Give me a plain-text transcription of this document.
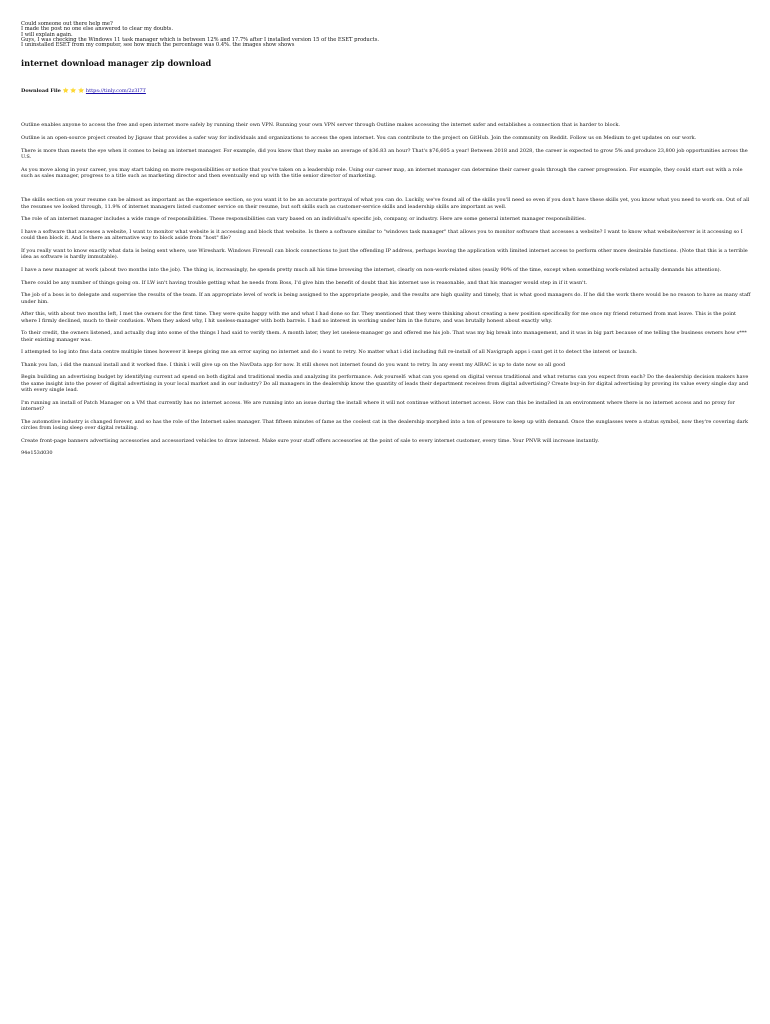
Could someone out there help me?
I made the post no one else answered to clear my doubts.
I will explain again.
Guys, I was checking the Windows 11 task manager which is between 12% and 17.7% after I installed version 15 of the ESET products.
I uninstalled ESET from my computer, see how much the percentage was 0.4%. the images show shows
internet download manager zip download
Download File ⭐ ⭐ ⭐ https://tinly.com/2z3I7T

Outline enables anyone to access the free and open internet more safely by running their own VPN. Running your own VPN server through Outline makes accessing the internet safer and establishes a connection that is harder to block.

Outline is an open-source project created by Jigsaw that provides a safer way for individuals and organizations to access the open internet. You can contribute to the project on GitHub. Join the community on Reddit. Follow us on Medium to get updates on our work.

There is more than meets the eye when it comes to being an internet manager. For example, did you know that they make an average of $36.83 an hour? That's $76,605 a year! Between 2018 and 2028, the career is expected to grow 5% and produce 23,800 job opportunities across the U.S.

As you move along in your career, you may start taking on more responsibilities or notice that you've taken on a leadership role. Using our career map, an internet manager can determine their career goals through the career progression. For example, they could start out with a role such as sales manager, progress to a title such as marketing director and then eventually end up with the title senior director of marketing.

The skills section on your resume can be almost as important as the experience section, so you want it to be an accurate portrayal of what you can do. Luckily, we've found all of the skills you'll need so even if you don't have these skills yet, you know what you need to work on. Out of all the resumes we looked through, 11.9% of internet managers listed customer service on their resume, but soft skills such as customer-service skills and leadership skills are important as well.

The role of an internet manager includes a wide range of responsibilities. These responsibilities can vary based on an individual's specific job, company, or industry. Here are some general internet manager responsibilities.

I have a software that accesses a website, I want to monitor what website is it accessing and block that website. Is there a software similar to "windows task manager" that allows you to monitor software that accesses a website? I want to know what website/server is it accessing so I could then block it. And Is there an alternative way to block aside from "host" file?

If you really want to know exactly what data is being sent where, use Wireshark. Windows Firewall can block connections to just the offending IP address, perhaps leaving the application with limited internet access to perform other more desirable functions. (Note that this is a terrible idea as software is hardly immutable).

I have a new manager at work (about two months into the job). The thing is, increasingly, he spends pretty much all his time browsing the internet, clearly on non-work-related sites (easily 90% of the time, except when something work-related actually demands his attention).

There could be any number of things going on. If LW isn't having trouble getting what he needs from Boss, I'd give him the benefit of doubt that his internet use is reasonable, and that his manager would step in if it wasn't.

The job of a boss is to delegate and supervise the results of the team. If an appropriate level of work is being assigned to the appropriate people, and the results are high quality and timely, that is what good managers do. If he did the work there would be no reason to have as many staff under him.

After this, with about two months left, I met the owners for the first time. They were quite happy with me and what I had done so far. They mentioned that they were thinking about creating a new position specifically for me once my friend returned from mat leave. This is the point where I firmly declined, much to their confusion. When they asked why, I hit useless-manager with both barrels. I had no interest in working under him in the future, and was brutally honest about exactly why.

To their credit, the owners listened, and actually dug into some of the things I had said to verify them. A month later, they let useless-manager go and offered me his job. That was my big break into management, and it was in big part because of me telling the business owners how s*** their existing manager was.

I attempted to log into fms data centre multiple times however it keeps giving me an error saying no internet and do i want to retry. No matter what i did including full re-install of all Navigraph apps i cant get it to detect the interet or launch.

Thank you Ian, i did the manual install and it worked fine. I think i will give up on the NavData app for now. It still shows not internet found do you want to retry. In any event my AIRAC is up to date now so all good

Begin building an advertising budget by identifying current ad spend on both digital and traditional media and analyzing its performance. Ask yourself: what can you spend on digital versus traditional and what returns can you expect from each? Do the dealership decision makers have the same insight into the power of digital advertising in your local market and in our industry? Do all managers in the dealership know the quantity of leads their department receives from digital advertising? Create buy-in for digital advertising by proving its value every single day and with every single lead.

I'm running an install of Patch Manager on a VM that currently has no internet access. We are running into an issue during the install where it will not continue without internet access. How can this be installed in an environment where there is no internet access and no proxy for internet?

The automotive industry is changed forever, and so has the role of the Internet sales manager. That fifteen minutes of fame as the coolest cat in the dealership morphed into a ton of pressure to keep up with demand. Once the sunglasses were a status symbol, now they're covering dark circles from losing sleep over digital retailing.

Create front-page banners advertising accessories and accessorized vehicles to draw interest. Make sure your staff offers accessories at the point of sale to every internet customer, every time. Your PNVR will increase instantly.

94e153d030
